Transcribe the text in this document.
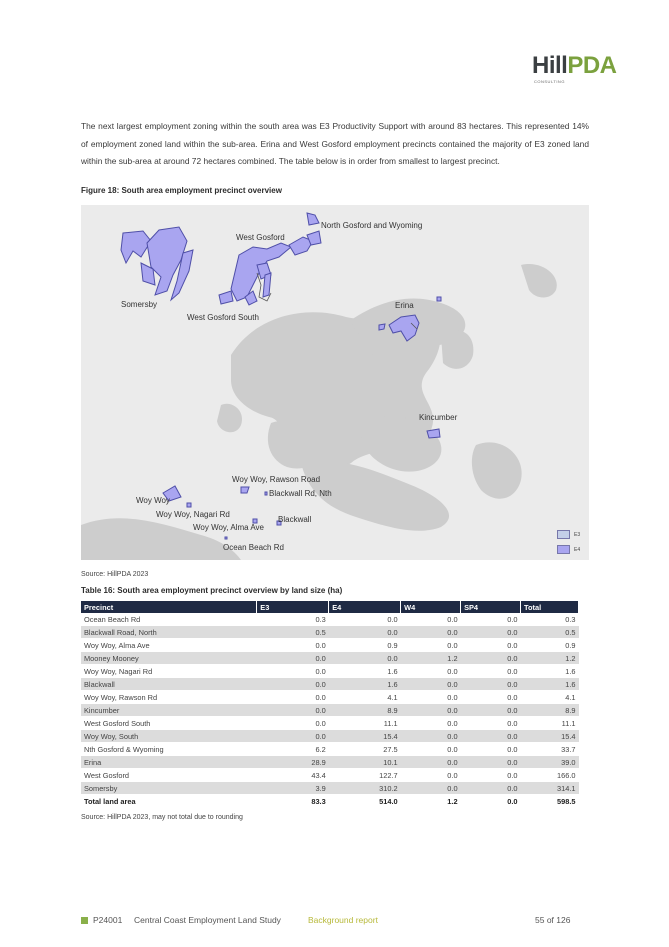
HillPDA
CONSULTING

The next largest employment zoning within the south area was E3 Productivity Support with around 83 hectares. This represented 14% of employment zoned land within the sub-area. Erina and West Gosford employment precincts contained the majority of E3 zoned land within the sub-area at around 72 hectares combined. The table below is in order from smallest to largest precinct.

Figure 18: South area employment precinct overview

North Gosford and Wyoming
West Gosford
Somersby
West Gosford South
Erina
Kincumber
Woy Woy, Rawson Road
Blackwall Rd, Nth
Woy Woy
Woy Woy, Nagari Rd
Blackwall
Woy Woy, Alma Ave
Ocean Beach Rd
E3
E4

Source: HillPDA 2023

Table 16: South area employment precinct overview by land size (ha)

Precinct	E3	E4	W4	SP4	Total
Ocean Beach Rd	0.3	0.0	0.0	0.0	0.3
Blackwall Road, North	0.5	0.0	0.0	0.0	0.5
Woy Woy, Alma Ave	0.0	0.9	0.0	0.0	0.9
Mooney Mooney	0.0	0.0	1.2	0.0	1.2
Woy Woy, Nagari Rd	0.0	1.6	0.0	0.0	1.6
Blackwall	0.0	1.6	0.0	0.0	1.6
Woy Woy, Rawson Rd	0.0	4.1	0.0	0.0	4.1
Kincumber	0.0	8.9	0.0	0.0	8.9
West Gosford South	0.0	11.1	0.0	0.0	11.1
Woy Woy, South	0.0	15.4	0.0	0.0	15.4
Nth Gosford & Wyoming	6.2	27.5	0.0	0.0	33.7
Erina	28.9	10.1	0.0	0.0	39.0
West Gosford	43.4	122.7	0.0	0.0	166.0
Somersby	3.9	310.2	0.0	0.0	314.1
Total land area	83.3	514.0	1.2	0.0	598.5

Source: HillPDA 2023, may not total due to rounding

P24001 Central Coast Employment Land Study	Background report	55 of 126
